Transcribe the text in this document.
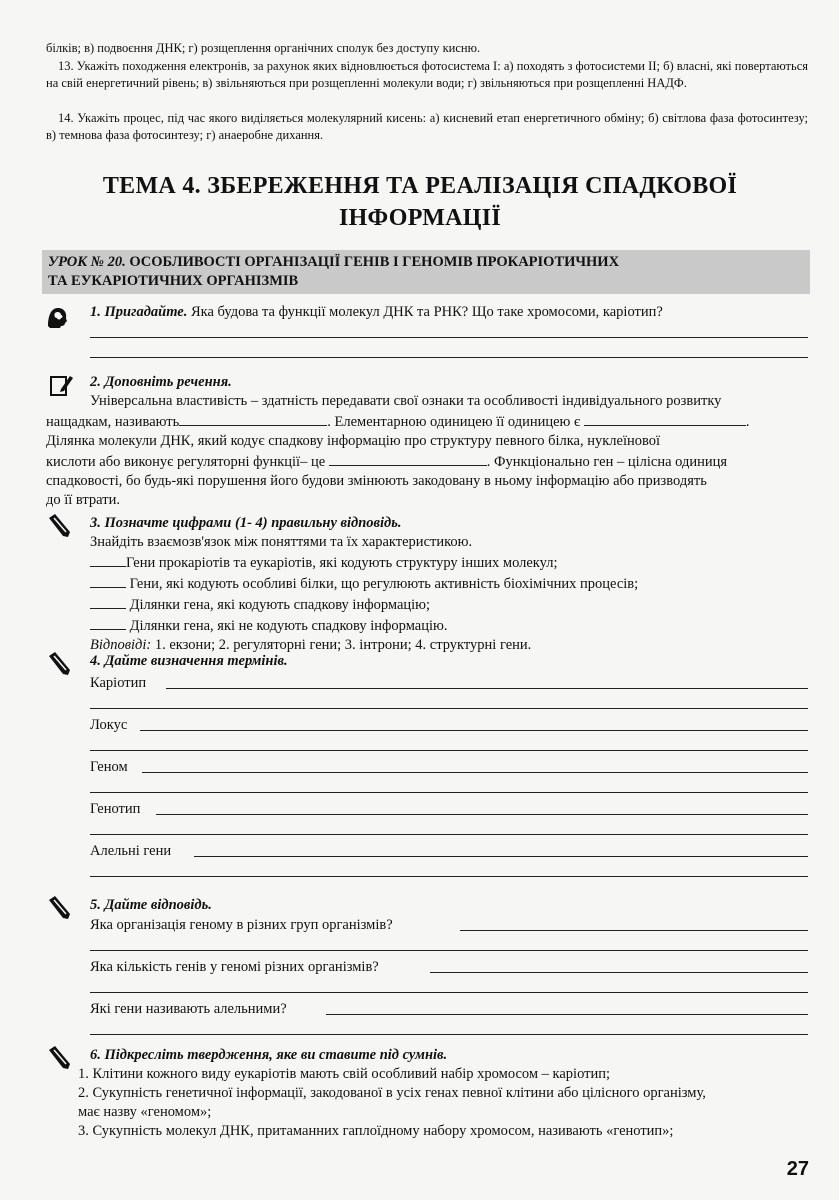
білків; в) подвоєння ДНК; г) розщеплення органічних сполук без доступу кисню.
13. Укажіть походження електронів, за рахунок яких відновлюється фотосистема І: а) походять з фотосистеми ІІ; б) власні, які повертаються на свій енергетичний рівень; в) звільняються при розщепленні молекули води; г) звільняються при розщепленні НАДФ.
14. Укажіть процес, під час якого виділяється молекулярний кисень: а) кисневий етап енергетичного обміну; б) світлова фаза фотосинтезу; в) темнова фаза фотосинтезу; г) анаеробне дихання.
ТЕМА 4. ЗБЕРЕЖЕННЯ ТА РЕАЛІЗАЦІЯ СПАДКОВОЇ
ІНФОРМАЦІЇ
УРОК № 20. ОСОБЛИВОСТІ ОРГАНІЗАЦІЇ ГЕНІВ І ГЕНОМІВ ПРОКАРІОТИЧНИХ
ТА ЕУКАРІОТИЧНИХ ОРГАНІЗМІВ
1. Пригадайте. Яка будова та функції молекул ДНК та РНК? Що таке хромосоми, каріотип?
2. Доповніть речення.
Універсальна властивість – здатність передавати свої ознаки та особливості індивідуального розвитку
нащадкам, називають	. Елементарною одиницею її одиницею є	.
Ділянка молекули ДНК, який кодує спадкову інформацію про структуру певного білка, нуклеїнової
кислоти або виконує регуляторні функції– це	. Функціонально ген – цілісна одиниця
спадковості, бо будь-які порушення його будови змінюють закодовану в ньому інформацію або призводять
до її втрати.
3. Позначте цифрами (1- 4) правильну відповідь.
Знайдіть взаємозв'язок між поняттями та їх характеристикою.
Гени прокаріотів та еукаріотів, які кодують структуру інших молекул;
Гени, які кодують особливі білки, що регулюють активність біохімічних процесів;
Ділянки гена, які кодують спадкову інформацію;
Ділянки гена, які не кодують спадкову інформацію.
Відповіді: 1. екзони; 2. регуляторні гени; 3. інтрони; 4. структурні гени.
4. Дайте визначення термінів.
Каріотип
Локус
Геном
Генотип
Алельні гени
5. Дайте відповідь.
Яка організація геному в різних груп організмів?
Яка кількість генів у геномі різних організмів?
Які гени називають алельними?
6. Підкресліть твердження, яке ви ставите під сумнів.
1. Клітини кожного виду еукаріотів мають свій особливий набір хромосом – каріотип;
2. Сукупність генетичної інформації, закодованої в усіх генах певної клітини або цілісного організму,
має назву «геномом»;
3. Сукупність молекул ДНК, притаманних гаплоїдному набору хромосом, називають «генотип»;
27
